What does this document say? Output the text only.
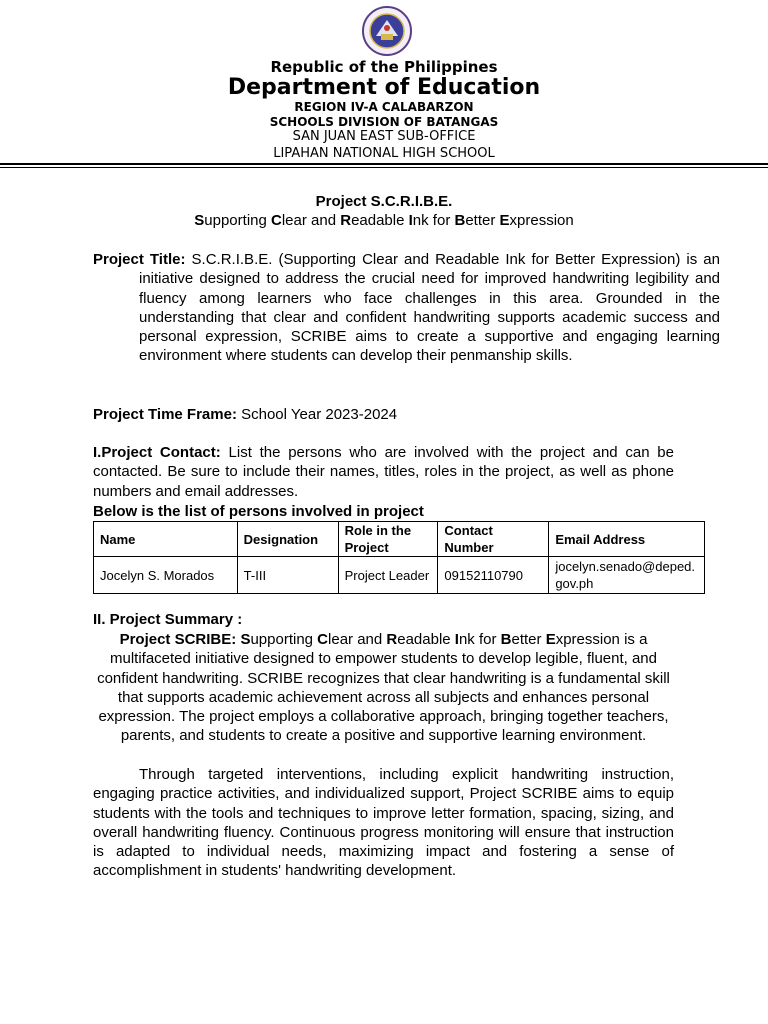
Republic of the Philippines
Department of Education
REGION IV-A CALABARZON
SCHOOLS DIVISION OF BATANGAS
SAN JUAN EAST SUB-OFFICE
LIPAHAN NATIONAL HIGH SCHOOL
Project S.C.R.I.B.E.
Supporting Clear and Readable Ink for Better Expression

Project Title: S.C.R.I.B.E. (Supporting Clear and Readable Ink for Better Expression) is an initiative designed to address the crucial need for improved handwriting legibility and fluency among learners who face challenges in this area. Grounded in the understanding that clear and confident handwriting supports academic success and personal expression, SCRIBE aims to create a supportive and engaging learning environment where students can develop their penmanship skills.

Project Time Frame: School Year 2023-2024

I.Project Contact: List the persons who are involved with the project and can be contacted. Be sure to include their names, titles, roles in the project, as well as phone numbers and email addresses.

Below is the list of persons involved in project

Name	Designation	Role in the Project	Contact Number	Email Address
Jocelyn S. Morados	T-III	Project Leader	09152110790	jocelyn.senado@deped.gov.ph
II. Project Summary :

Project SCRIBE: Supporting Clear and Readable Ink for Better Expression is a multifaceted initiative designed to empower students to develop legible, fluent, and confident handwriting. SCRIBE recognizes that clear handwriting is a fundamental skill that supports academic achievement across all subjects and enhances personal expression. The project employs a collaborative approach, bringing together teachers, parents, and students to create a positive and supportive learning environment.

Through targeted interventions, including explicit handwriting instruction, engaging practice activities, and individualized support, Project SCRIBE aims to equip students with the tools and techniques to improve letter formation, spacing, sizing, and overall handwriting fluency. Continuous progress monitoring will ensure that instruction is adapted to individual needs, maximizing impact and fostering a sense of accomplishment in students' handwriting development.
